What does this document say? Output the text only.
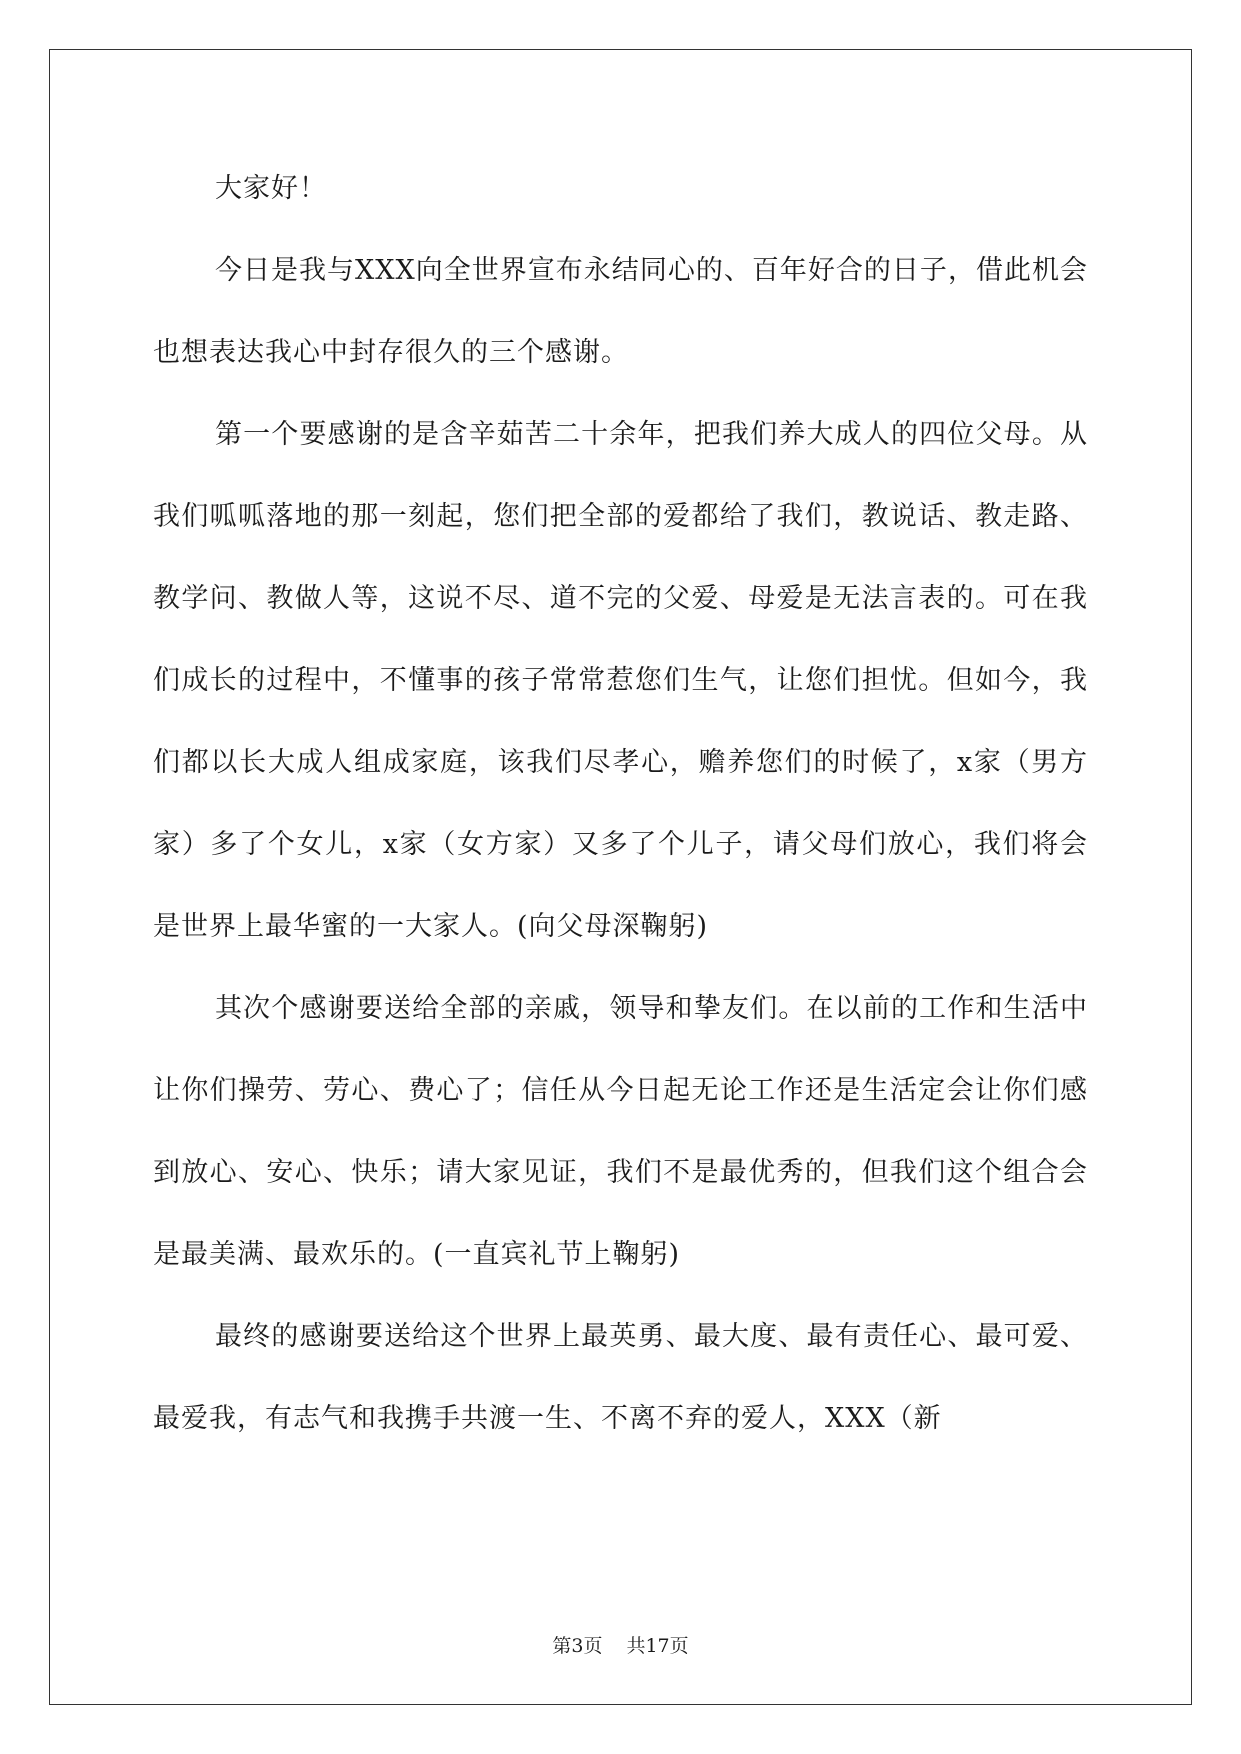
大家好！

今日是我与XXX向全世界宣布永结同心的、百年好合的日子，借此机会也想表达我心中封存很久的三个感谢。

第一个要感谢的是含辛茹苦二十余年，把我们养大成人的四位父母。从我们呱呱落地的那一刻起，您们把全部的爱都给了我们，教说话、教走路、教学问、教做人等，这说不尽、道不完的父爱、母爱是无法言表的。可在我们成长的过程中，不懂事的孩子常常惹您们生气，让您们担忧。但如今，我们都以长大成人组成家庭，该我们尽孝心，赡养您们的时候了，x家（男方家）多了个女儿，x家（女方家）又多了个儿子，请父母们放心，我们将会是世界上最华蜜的一大家人。(向父母深鞠躬)

其次个感谢要送给全部的亲戚，领导和挚友们。在以前的工作和生活中让你们操劳、劳心、费心了；信任从今日起无论工作还是生活定会让你们感到放心、安心、快乐；请大家见证，我们不是最优秀的，但我们这个组合会是最美满、最欢乐的。(一直宾礼节上鞠躬)

最终的感谢要送给这个世界上最英勇、最大度、最有责任心、最可爱、最爱我，有志气和我携手共渡一生、不离不弃的爱人，XXX（新

第3页 共17页
